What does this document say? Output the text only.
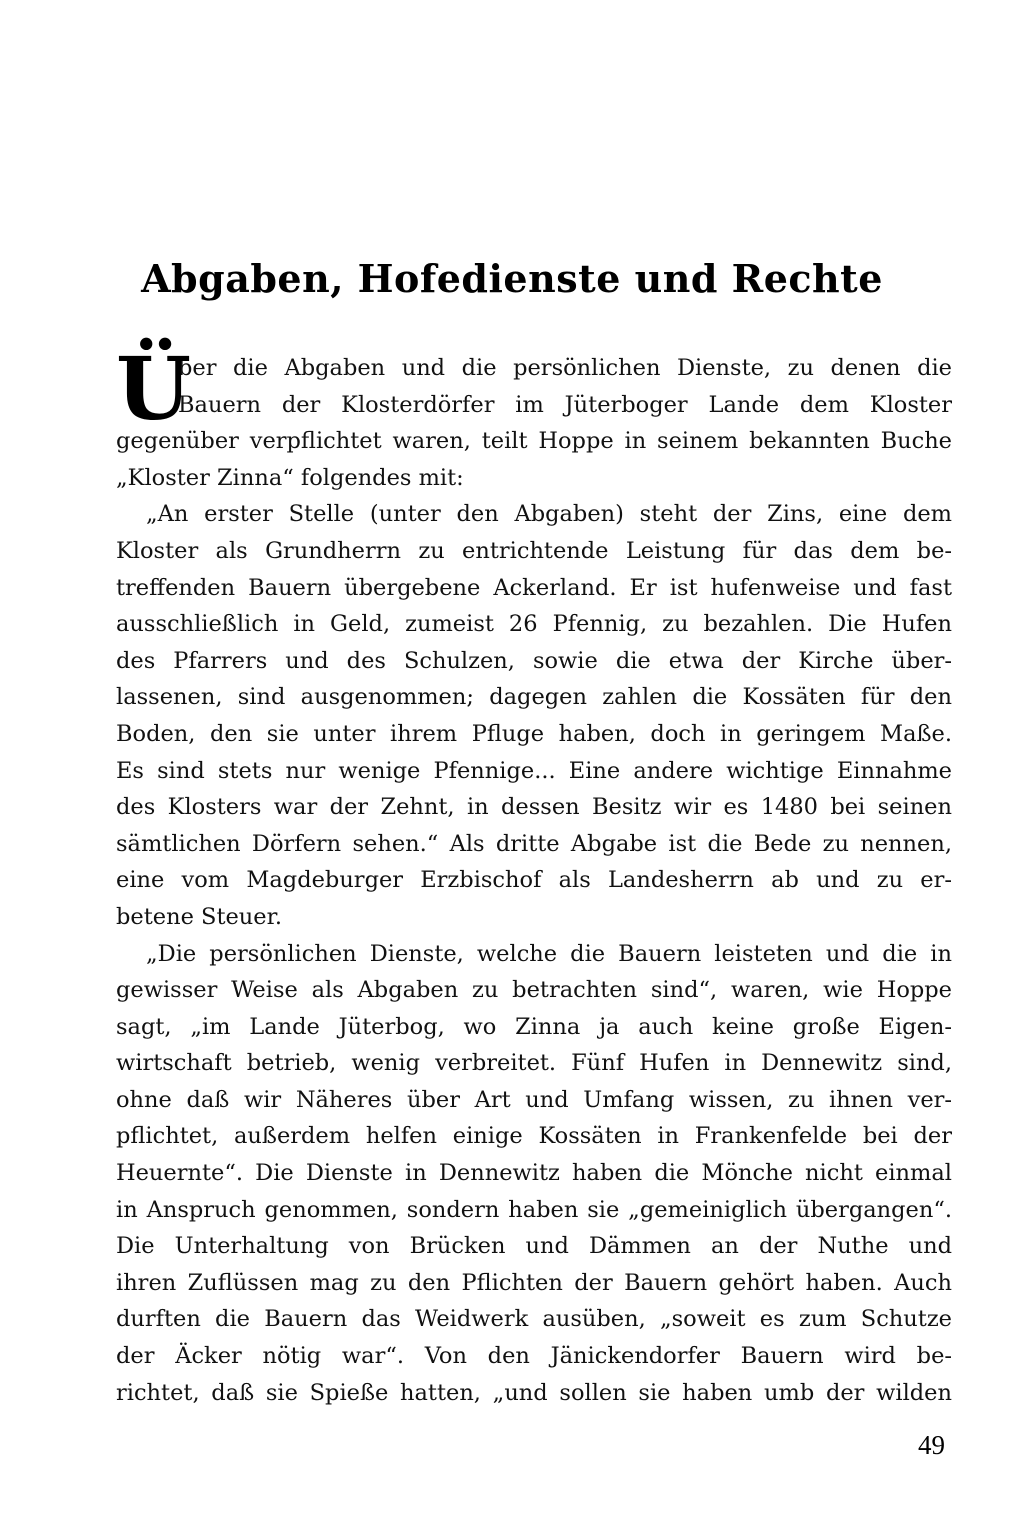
Abgaben, Hofedienste und Rechte
Ü
ber die Abgaben und die persönlichen Dienste, zu denen die
Bauern der Klosterdörfer im Jüterboger Lande dem Kloster
gegenüber verpflichtet waren, teilt Hoppe in seinem bekannten Buche
„Kloster Zinna“ folgendes mit:
„An erster Stelle (unter den Abgaben) steht der Zins, eine dem
Kloster als Grundherrn zu entrichtende Leistung für das dem be-
treffenden Bauern übergebene Ackerland. Er ist hufenweise und fast
ausschließlich in Geld, zumeist 26 Pfennig, zu bezahlen. Die Hufen
des Pfarrers und des Schulzen, sowie die etwa der Kirche über-
lassenen, sind ausgenommen; dagegen zahlen die Kossäten für den
Boden, den sie unter ihrem Pfluge haben, doch in geringem Maße.
Es sind stets nur wenige Pfennige... Eine andere wichtige Einnahme
des Klosters war der Zehnt, in dessen Besitz wir es 1480 bei seinen
sämtlichen Dörfern sehen.“ Als dritte Abgabe ist die Bede zu nennen,
eine vom Magdeburger Erzbischof als Landesherrn ab und zu er-
betene Steuer.
„Die persönlichen Dienste, welche die Bauern leisteten und die in
gewisser Weise als Abgaben zu betrachten sind“, waren, wie Hoppe
sagt, „im Lande Jüterbog, wo Zinna ja auch keine große Eigen-
wirtschaft betrieb, wenig verbreitet. Fünf Hufen in Dennewitz sind,
ohne daß wir Näheres über Art und Umfang wissen, zu ihnen ver-
pflichtet, außerdem helfen einige Kossäten in Frankenfelde bei der
Heuernte“. Die Dienste in Dennewitz haben die Mönche nicht einmal
in Anspruch genommen, sondern haben sie „gemeiniglich übergangen“.
Die Unterhaltung von Brücken und Dämmen an der Nuthe und
ihren Zuflüssen mag zu den Pflichten der Bauern gehört haben. Auch
durften die Bauern das Weidwerk ausüben, „soweit es zum Schutze
der Äcker nötig war“. Von den Jänickendorfer Bauern wird be-
richtet, daß sie Spieße hatten, „und sollen sie haben umb der wilden
49
